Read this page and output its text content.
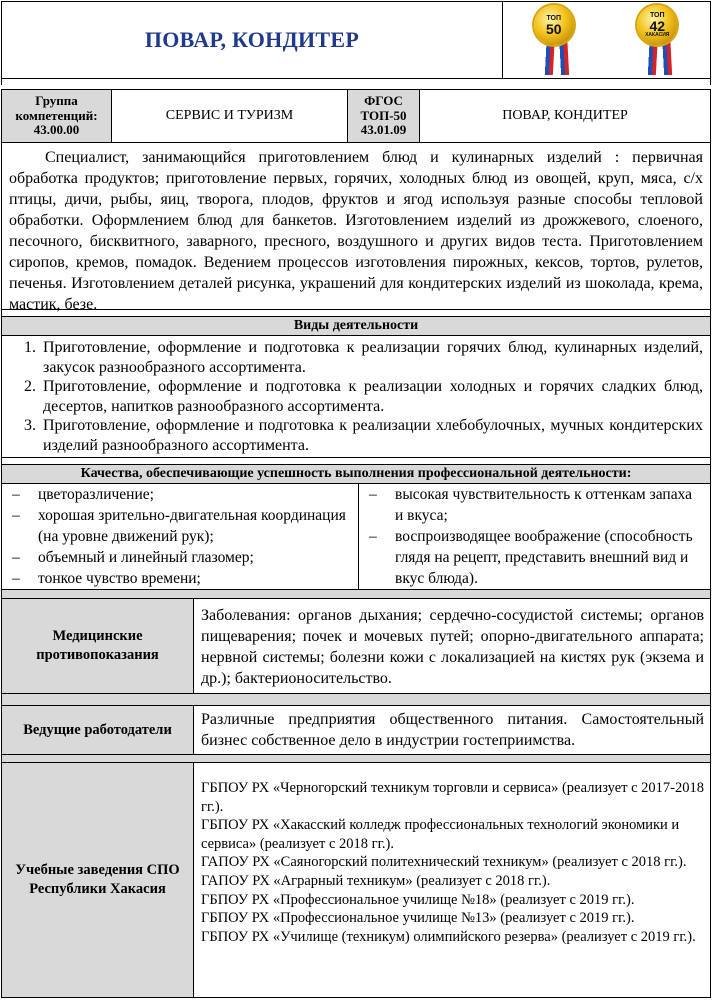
ПОВАР, КОНДИТЕР
ТОП
50
ТОП
42
ХАКАСИЯ
Группа компетенций: 43.00.00
СЕРВИС И ТУРИЗМ
ФГОС ТОП-50 43.01.09
ПОВАР, КОНДИТЕР
Специалист, занимающийся приготовлением блюд и кулинарных изделий : первичная обработка продуктов; приготовление первых, горячих, холодных блюд из овощей, круп, мяса, с/х птицы, дичи, рыбы, яиц, творога, плодов, фруктов и ягод используя разные способы тепловой обработки. Оформлением блюд для банкетов. Изготовлением изделий из дрожжевого, слоеного, песочного, бисквитного, заварного, пресного, воздушного и других видов теста. Приготовлением сиропов, кремов, помадок. Ведением процессов изготовления пирожных, кексов, тортов, рулетов, печенья. Изготовлением деталей рисунка, украшений для кондитерских изделий из шоколада, крема, мастик, безе.
Виды деятельности
1. Приготовление, оформление и подготовка к реализации горячих блюд, кулинарных изделий, закусок разнообразного ассортимента.
2. Приготовление, оформление и подготовка к реализации холодных и горячих сладких блюд, десертов, напитков разнообразного ассортимента.
3. Приготовление, оформление и подготовка к реализации хлебобулочных, мучных кондитерских изделий разнообразного ассортимента.
Качества, обеспечивающие успешность выполнения профессиональной деятельности:
– цветоразличение;
– хорошая зрительно-двигательная координация (на уровне движений рук);
– объемный и линейный глазомер;
– тонкое чувство времени;
– высокая чувствительность к оттенкам запаха и вкуса;
– воспроизводящее воображение (способность глядя на рецепт, представить внешний вид и вкус блюда).
Медицинские противопоказания
Заболевания: органов дыхания; сердечно-сосудистой системы; органов пищеварения; почек и мочевых путей; опорно-двигательного аппарата; нервной системы; болезни кожи с локализацией на кистях рук (экзема и др.); бактерионосительство.
Ведущие работодатели
Различные предприятия общественного питания. Самостоятельный бизнес собственное дело в индустрии гостеприимства.
Учебные заведения СПО Республики Хакасия
ГБПОУ РХ «Черногорский техникум торговли и сервиса» (реализует с 2017-2018 гг.).
ГБПОУ РХ «Хакасский колледж профессиональных технологий экономики и сервиса» (реализует с 2018 гг.).
ГАПОУ РХ «Саяногорский политехнический техникум» (реализует с 2018 гг.).
ГАПОУ РХ «Аграрный техникум» (реализует с 2018 гг.).
ГБПОУ РХ «Профессиональное училище №18» (реализует с 2019 гг.).
ГБПОУ РХ «Профессиональное училище №13» (реализует с 2019 гг.).
ГБПОУ РХ «Училище (техникум) олимпийского резерва» (реализует с 2019 гг.).
